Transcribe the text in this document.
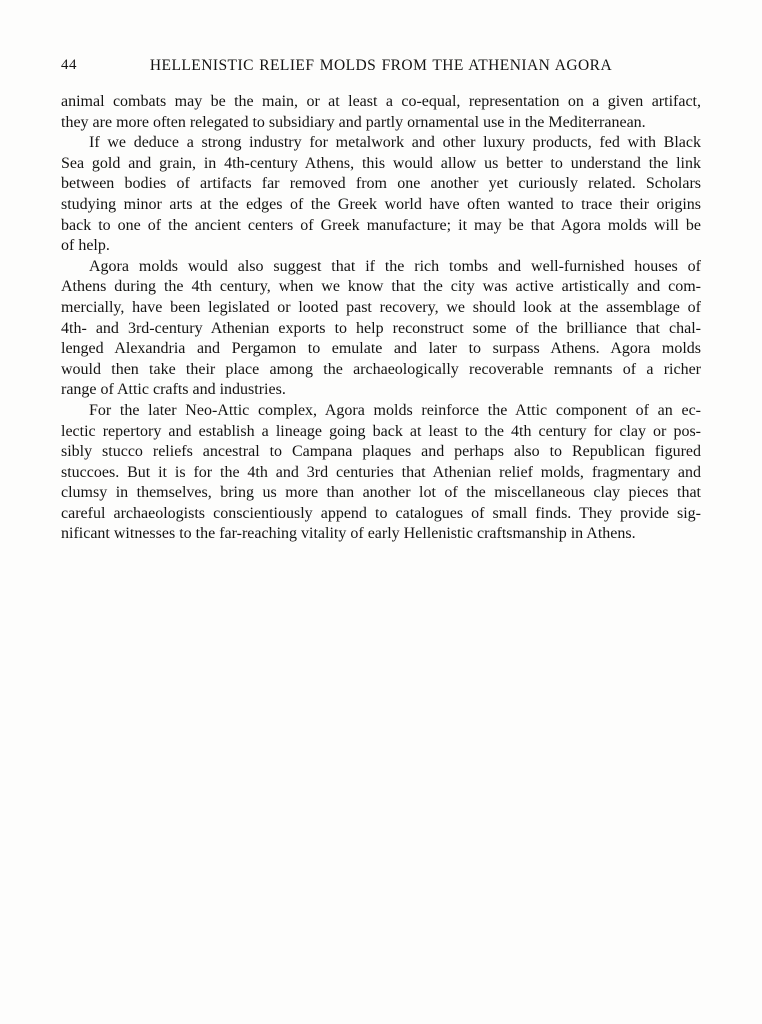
44	HELLENISTIC RELIEF MOLDS FROM THE ATHENIAN AGORA
animal combats may be the main, or at least a co-equal, representation on a given artifact,
they are more often relegated to subsidiary and partly ornamental use in the Mediterranean.
If we deduce a strong industry for metalwork and other luxury products, fed with Black
Sea gold and grain, in 4th-century Athens, this would allow us better to understand the link
between bodies of artifacts far removed from one another yet curiously related. Scholars
studying minor arts at the edges of the Greek world have often wanted to trace their origins
back to one of the ancient centers of Greek manufacture; it may be that Agora molds will be
of help.
Agora molds would also suggest that if the rich tombs and well-furnished houses of
Athens during the 4th century, when we know that the city was active artistically and com-
mercially, have been legislated or looted past recovery, we should look at the assemblage of
4th- and 3rd-century Athenian exports to help reconstruct some of the brilliance that chal-
lenged Alexandria and Pergamon to emulate and later to surpass Athens. Agora molds
would then take their place among the archaeologically recoverable remnants of a richer
range of Attic crafts and industries.
For the later Neo-Attic complex, Agora molds reinforce the Attic component of an ec-
lectic repertory and establish a lineage going back at least to the 4th century for clay or pos-
sibly stucco reliefs ancestral to Campana plaques and perhaps also to Republican figured
stuccoes. But it is for the 4th and 3rd centuries that Athenian relief molds, fragmentary and
clumsy in themselves, bring us more than another lot of the miscellaneous clay pieces that
careful archaeologists conscientiously append to catalogues of small finds. They provide sig-
nificant witnesses to the far-reaching vitality of early Hellenistic craftsmanship in Athens.
